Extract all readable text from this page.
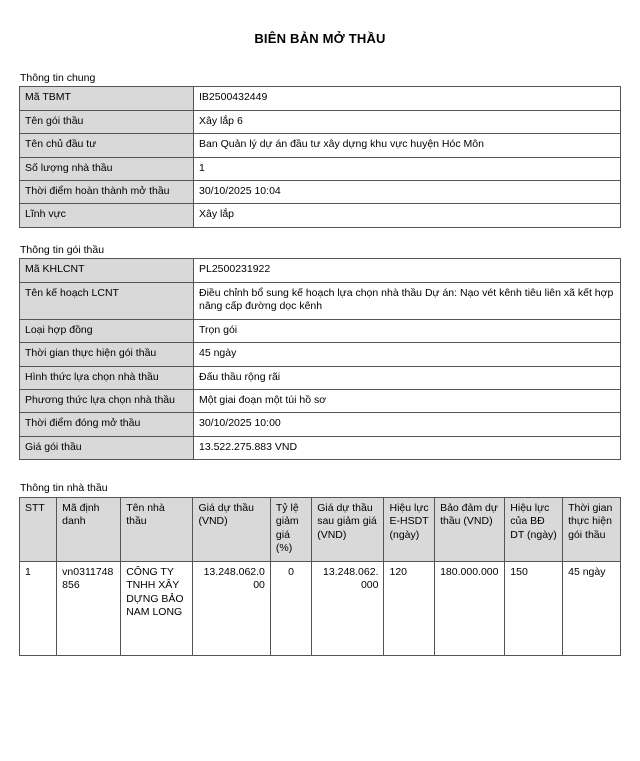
BIÊN BẢN MỞ THẦU
Thông tin chung
Mã TBMT	IB2500432449
Tên gói thầu	Xây lắp 6
Tên chủ đầu tư	Ban Quản lý dự án đầu tư xây dựng khu vực huyện Hóc Môn
Số lượng nhà thầu	1
Thời điểm hoàn thành mở thầu	30/10/2025 10:04
Lĩnh vực	Xây lắp
Thông tin gói thầu
Mã KHLCNT	PL2500231922
Tên kế hoạch LCNT	Điều chỉnh bổ sung kế hoạch lựa chọn nhà thầu Dự án: Nạo vét kênh tiêu liên xã kết hợp nâng cấp đường dọc kênh
Loại hợp đồng	Trọn gói
Thời gian thực hiện gói thầu	45 ngày
Hình thức lựa chọn nhà thầu	Đấu thầu rộng rãi
Phương thức lựa chọn nhà thầu	Một giai đoạn một túi hồ sơ
Thời điểm đóng mở thầu	30/10/2025 10:00
Giá gói thầu	13.522.275.883 VND
Thông tin nhà thầu
STT	Mã định danh	Tên nhà thầu	Giá dự thầu (VND)	Tỷ lệ giảm giá (%)	Giá dự thầu sau giảm giá (VND)	Hiệu lực E-HSDT (ngày)	Bảo đảm dự thầu (VND)	Hiệu lực của BĐ DT (ngày)	Thời gian thực hiện gói thầu
1	vn0311748856	CÔNG TY TNHH XÂY DỰNG BẢO NAM LONG	13.248.062.000	0	13.248.062.000	120	180.000.000	150	45 ngày
